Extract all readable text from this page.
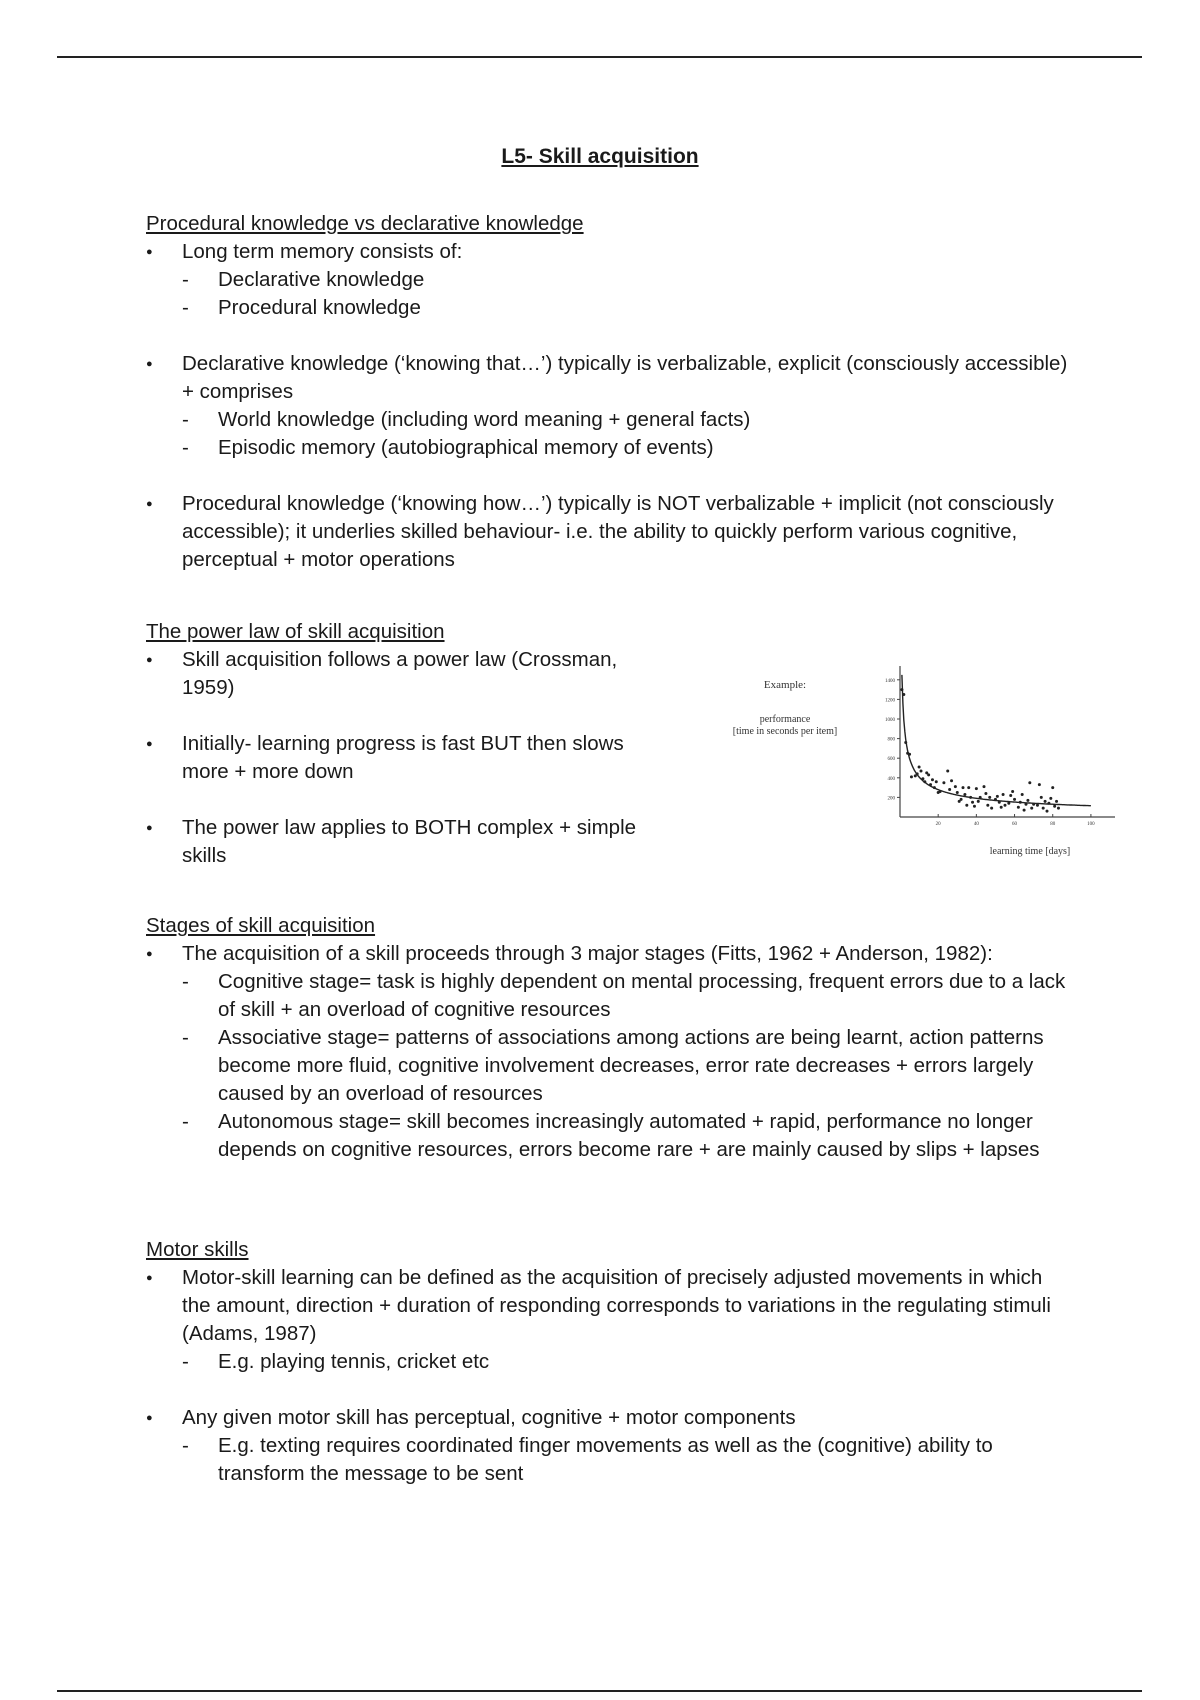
L5- Skill acquisition
Procedural knowledge vs declarative knowledge
●	Long term memory consists of:
-	Declarative knowledge
-	Procedural knowledge
●	Declarative knowledge (‘knowing that…’) typically is verbalizable, explicit (consciously accessible) + comprises
-	World knowledge (including word meaning + general facts)
-	Episodic memory (autobiographical memory of events)
●	Procedural knowledge (‘knowing how…’) typically is NOT verbalizable + implicit (not consciously accessible); it underlies skilled behaviour- i.e. the ability to quickly perform various cognitive, perceptual + motor operations
The power law of skill acquisition
●	Skill acquisition follows a power law (Crossman, 1959)
●	Initially- learning progress is fast BUT then slows more + more down
●	The power law applies to BOTH complex + simple skills
Stages of skill acquisition
●	The acquisition of a skill proceeds through 3 major stages (Fitts, 1962 + Anderson, 1982):
-	Cognitive stage= task is highly dependent on mental processing, frequent errors due to a lack of skill + an overload of cognitive resources
-	Associative stage= patterns of associations among actions are being learnt, action patterns become more fluid, cognitive involvement decreases, error rate decreases + errors largely caused by an overload of resources
-	Autonomous stage= skill becomes increasingly automated + rapid, performance no longer depends on cognitive resources, errors become rare + are mainly caused by slips + lapses
Motor skills
●	Motor-skill learning can be defined as the acquisition of precisely adjusted movements in which the amount, direction + duration of responding corresponds to variations in the regulating stimuli (Adams, 1987)
-	E.g. playing tennis, cricket etc
●	Any given motor skill has perceptual, cognitive + motor components
-	E.g. texting requires coordinated finger movements as well as the (cognitive) ability to transform the message to be sent
Example:
performance
[time in seconds per item]
learning time [days]
200
400
600
800
1000
1200
1400
20	40	60	80	100
